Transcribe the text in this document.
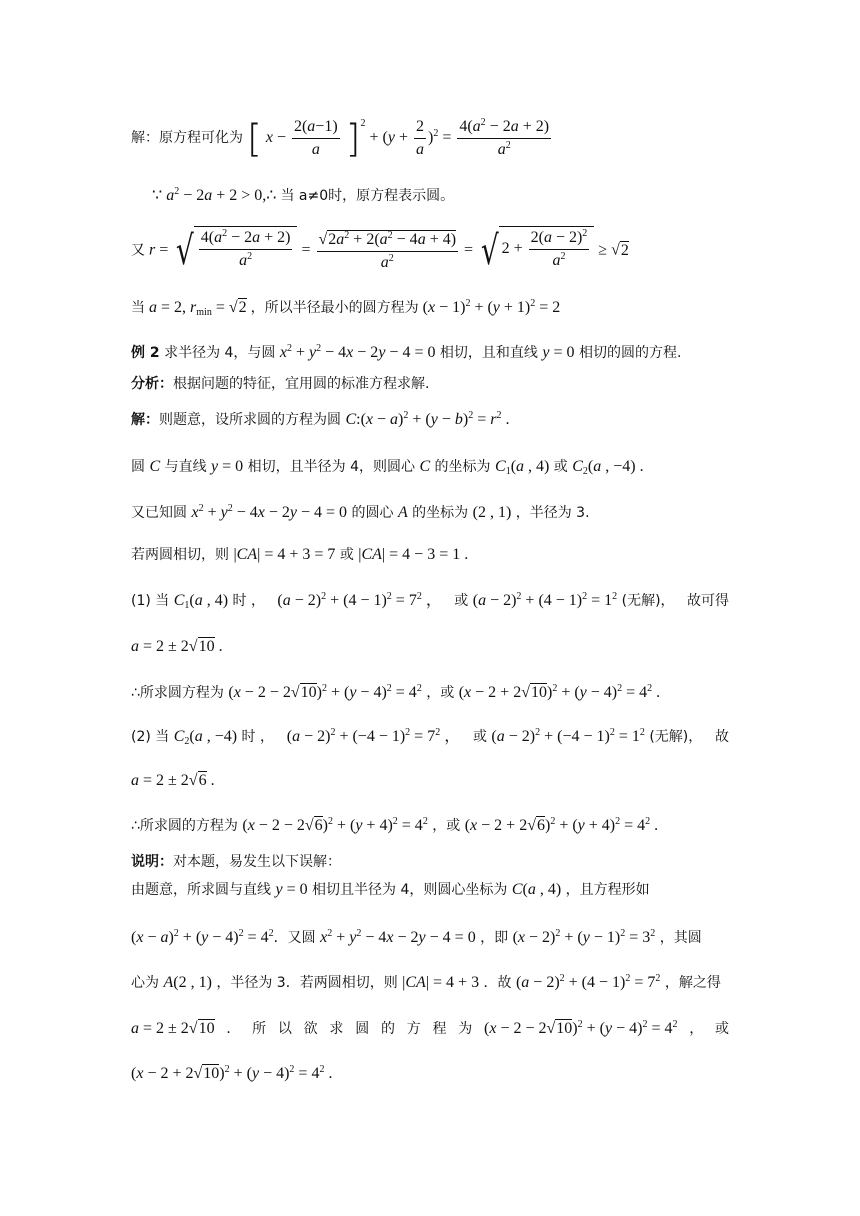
解：原方程可化为 [ $x - \frac{2(a-1)}{a} ]^2 + (y + \frac{2}{a} )^2 = \frac{4(a^2 - 2a + 2)}{a^2}$
∵ $a^2 - 2a + 2$ > 0,∴ 当 a≠0时，原方程表示圆。
又 r = √ $\frac{4(a^2 - 2a + 2)}{a^2} = \frac{√2a^2 + 2(a^2 - 4a + 4)}{a^2}$ = √ $2 + \frac{2(a - 2)^2}{a^2} \ge √2$
当 a = 2, $r_{min} = √2$ ，所以半径最小的圆方程为 $(x - 1)^2 + (y + 1)^2 = 2$
例 2 求半径为 4，与圆 $x^2 + y^2 - 4x - 2y - 4 = 0$ 相切，且和直线 y = 0 相切的圆的方程.
分析：根据问题的特征，宜用圆的标准方程求解.
解：则题意，设所求圆的方程为圆 C:(x − $a)^2 + (y - b)^2 = r^2$ .
圆 C 与直线 y = 0 相切，且半径为 4，则圆心 C 的坐标为 $C_1(a$ , 4) 或 $C_2(a$ , −4) .
又已知圆 $x^2 + y^2 - 4x - 2y - 4 = 0$ 的圆心 A 的坐标为 (2 , 1) ，半径为 3.
若两圆相切，则 |CA| = 4 + 3 = 7 或 |CA| = 4 − 3 = 1 .
(1) 当 $C_1(a$ , 4) 时 ， $(a - 2)^2 + (4 - 1)^2 = 7^2$ ， 或 $(a - 2)^2 + (4 - 1)^2 = 1^2$ (无解)， 故可得
a = 2 ± 2√10 .
∴所求圆方程为 $(x - 2 - 2√10)^2 + (y - 4)^2 = 4^2$ ，或 $(x - 2 + 2√10)^2 + (y - 4)^2 = 4^2$ .
(2) 当 $C_2(a$ , −4) 时 ， $(a - 2)^2 + (-4 - 1)^2 = 7^2$ ， 或 $(a - 2)^2 + (-4 - 1)^2 = 1^2$ (无解)， 故
a = 2 ± 2√6 .
∴所求圆的方程为 $(x - 2 - 2√6)^2 + (y + 4)^2 = 4^2$ ，或 $(x - 2 + 2√6)^2 + (y + 4)^2 = 4^2$ .
说明：对本题，易发生以下误解：
由题意，所求圆与直线 y = 0 相切且半径为 4，则圆心坐标为 C(a , 4) ，且方程形如
$(x - a)^2 + (y - 4)^2 = 4^2$．又圆 $x^2 + y^2 - 4x - 2y - 4 = 0$ ，即 $(x - 2)^2 + (y - 1)^2 = 3^2$ ，其圆
心为 A(2 , 1) ，半径为 3．若两圆相切，则 |CA| = 4 + 3 ．故 $(a - 2)^2 + (4 - 1)^2 = 7^2$ ，解之得
a = 2 ± 2√10 ． 所 以 欲 求 圆 的 方 程 为 $(x - 2 - 2√10)^2 + (y - 4)^2 = 4^2$ ， 或
$(x - 2 + 2√10)^2 + (y - 4)^2 = 4^2$ .
